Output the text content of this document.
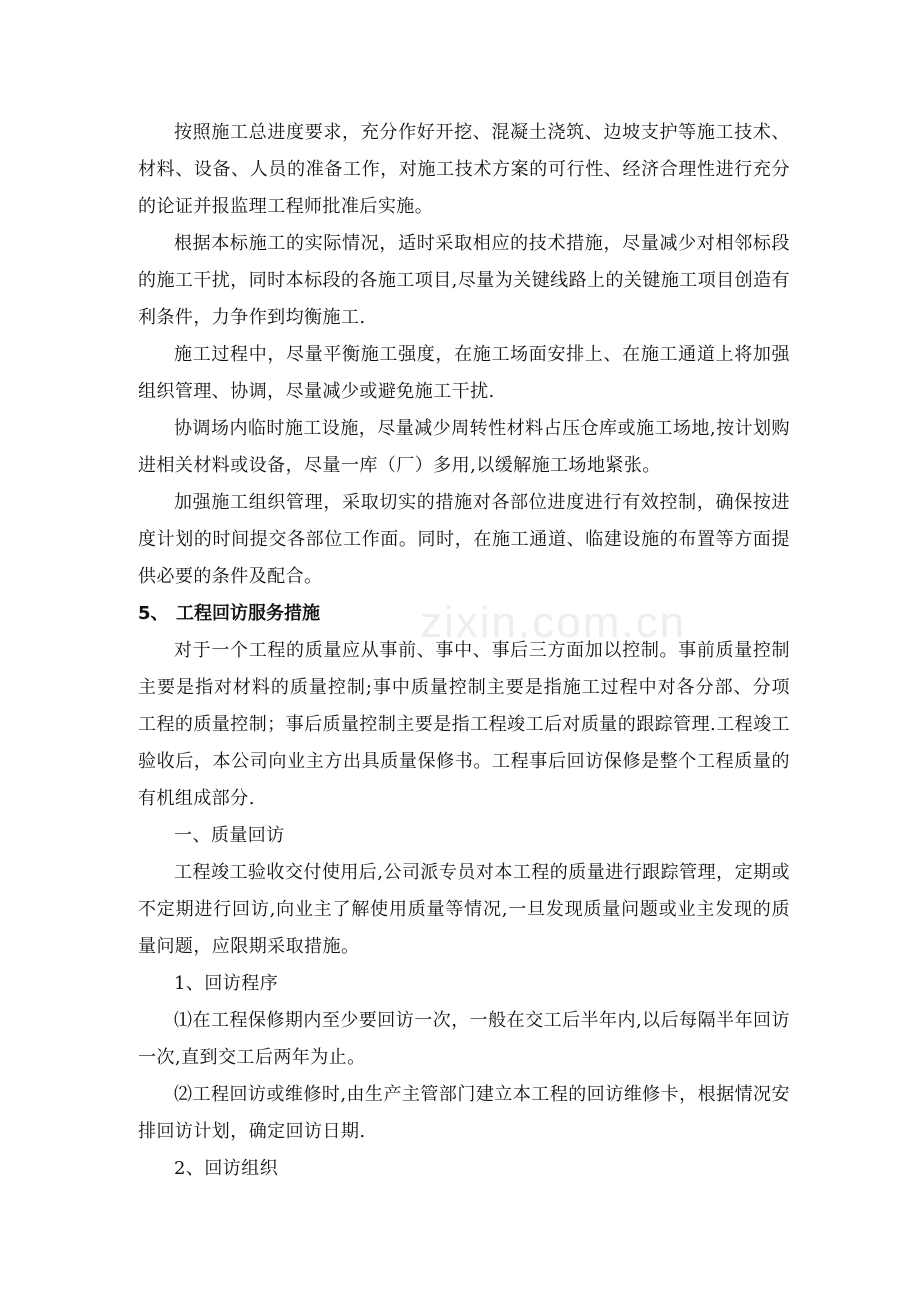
按照施工总进度要求，充分作好开挖、混凝土浇筑、边坡支护等施工技术、材料、设备、人员的准备工作，对施工技术方案的可行性、经济合理性进行充分的论证并报监理工程师批准后实施。

根据本标施工的实际情况，适时采取相应的技术措施，尽量减少对相邻标段的施工干扰，同时本标段的各施工项目,尽量为关键线路上的关键施工项目创造有利条件，力争作到均衡施工.

施工过程中，尽量平衡施工强度，在施工场面安排上、在施工通道上将加强组织管理、协调，尽量减少或避免施工干扰.

协调场内临时施工设施，尽量减少周转性材料占压仓库或施工场地,按计划购进相关材料或设备，尽量一库（厂）多用,以缓解施工场地紧张。

加强施工组织管理，采取切实的措施对各部位进度进行有效控制，确保按进度计划的时间提交各部位工作面。同时，在施工通道、临建设施的布置等方面提供必要的条件及配合。

5、 工程回访服务措施

对于一个工程的质量应从事前、事中、事后三方面加以控制。事前质量控制主要是指对材料的质量控制;事中质量控制主要是指施工过程中对各分部、分项工程的质量控制；事后质量控制主要是指工程竣工后对质量的跟踪管理.工程竣工验收后，本公司向业主方出具质量保修书。工程事后回访保修是整个工程质量的有机组成部分.

一、质量回访

工程竣工验收交付使用后,公司派专员对本工程的质量进行跟踪管理，定期或不定期进行回访,向业主了解使用质量等情况,一旦发现质量问题或业主发现的质量问题，应限期采取措施。

1、回访程序

⑴在工程保修期内至少要回访一次，一般在交工后半年内,以后每隔半年回访一次,直到交工后两年为止。

⑵工程回访或维修时,由生产主管部门建立本工程的回访维修卡，根据情况安排回访计划，确定回访日期.

2、回访组织

zixin.com.cn
